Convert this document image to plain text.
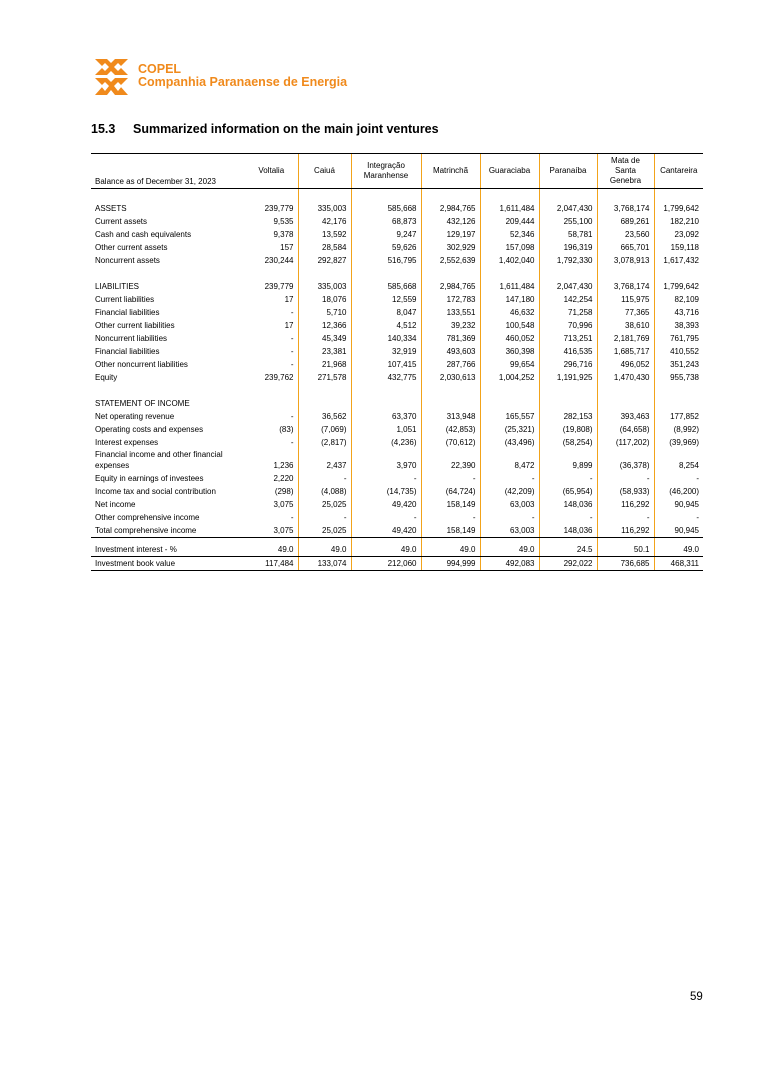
COPEL
Companhia Paranaense de Energia
15.3 Summarized information on the main joint ventures
Balance as of December 31, 2023	Voltalia	Caiuá	Integração Maranhense	Matrinchã	Guaraciaba	Paranaíba	Mata de Santa Genebra	Cantareira

ASSETS	239,779	335,003	585,668	2,984,765	1,611,484	2,047,430	3,768,174	1,799,642
Current assets	9,535	42,176	68,873	432,126	209,444	255,100	689,261	182,210
Cash and cash equivalents	9,378	13,592	9,247	129,197	52,346	58,781	23,560	23,092
Other current assets	157	28,584	59,626	302,929	157,098	196,319	665,701	159,118
Noncurrent assets	230,244	292,827	516,795	2,552,639	1,402,040	1,792,330	3,078,913	1,617,432

LIABILITIES	239,779	335,003	585,668	2,984,765	1,611,484	2,047,430	3,768,174	1,799,642
Current liabilities	17	18,076	12,559	172,783	147,180	142,254	115,975	82,109
Financial liabilities	-	5,710	8,047	133,551	46,632	71,258	77,365	43,716
Other current liabilities	17	12,366	4,512	39,232	100,548	70,996	38,610	38,393
Noncurrent liabilities	-	45,349	140,334	781,369	460,052	713,251	2,181,769	761,795
Financial liabilities	-	23,381	32,919	493,603	360,398	416,535	1,685,717	410,552
Other noncurrent liabilities	-	21,968	107,415	287,766	99,654	296,716	496,052	351,243
Equity	239,762	271,578	432,775	2,030,613	1,004,252	1,191,925	1,470,430	955,738

STATEMENT OF INCOME								
Net operating revenue	-	36,562	63,370	313,948	165,557	282,153	393,463	177,852
Operating costs and expenses	(83)	(7,069)	1,051	(42,853)	(25,321)	(19,808)	(64,658)	(8,992)
Interest expenses	-	(2,817)	(4,236)	(70,612)	(43,496)	(58,254)	(117,202)	(39,969)
Financial income and other financial expenses	1,236	2,437	3,970	22,390	8,472	9,899	(36,378)	8,254
Equity in earnings of investees	2,220	-	-	-	-	-	-	-
Income tax and social contribution	(298)	(4,088)	(14,735)	(64,724)	(42,209)	(65,954)	(58,933)	(46,200)
Net income	3,075	25,025	49,420	158,149	63,003	148,036	116,292	90,945
Other comprehensive income	-	-	-	-	-	-	-	-
Total comprehensive income	3,075	25,025	49,420	158,149	63,003	148,036	116,292	90,945

Investment interest - %	49.0	49.0	49.0	49.0	49.0	24.5	50.1	49.0
Investment book value	117,484	133,074	212,060	994,999	492,083	292,022	736,685	468,311
59
